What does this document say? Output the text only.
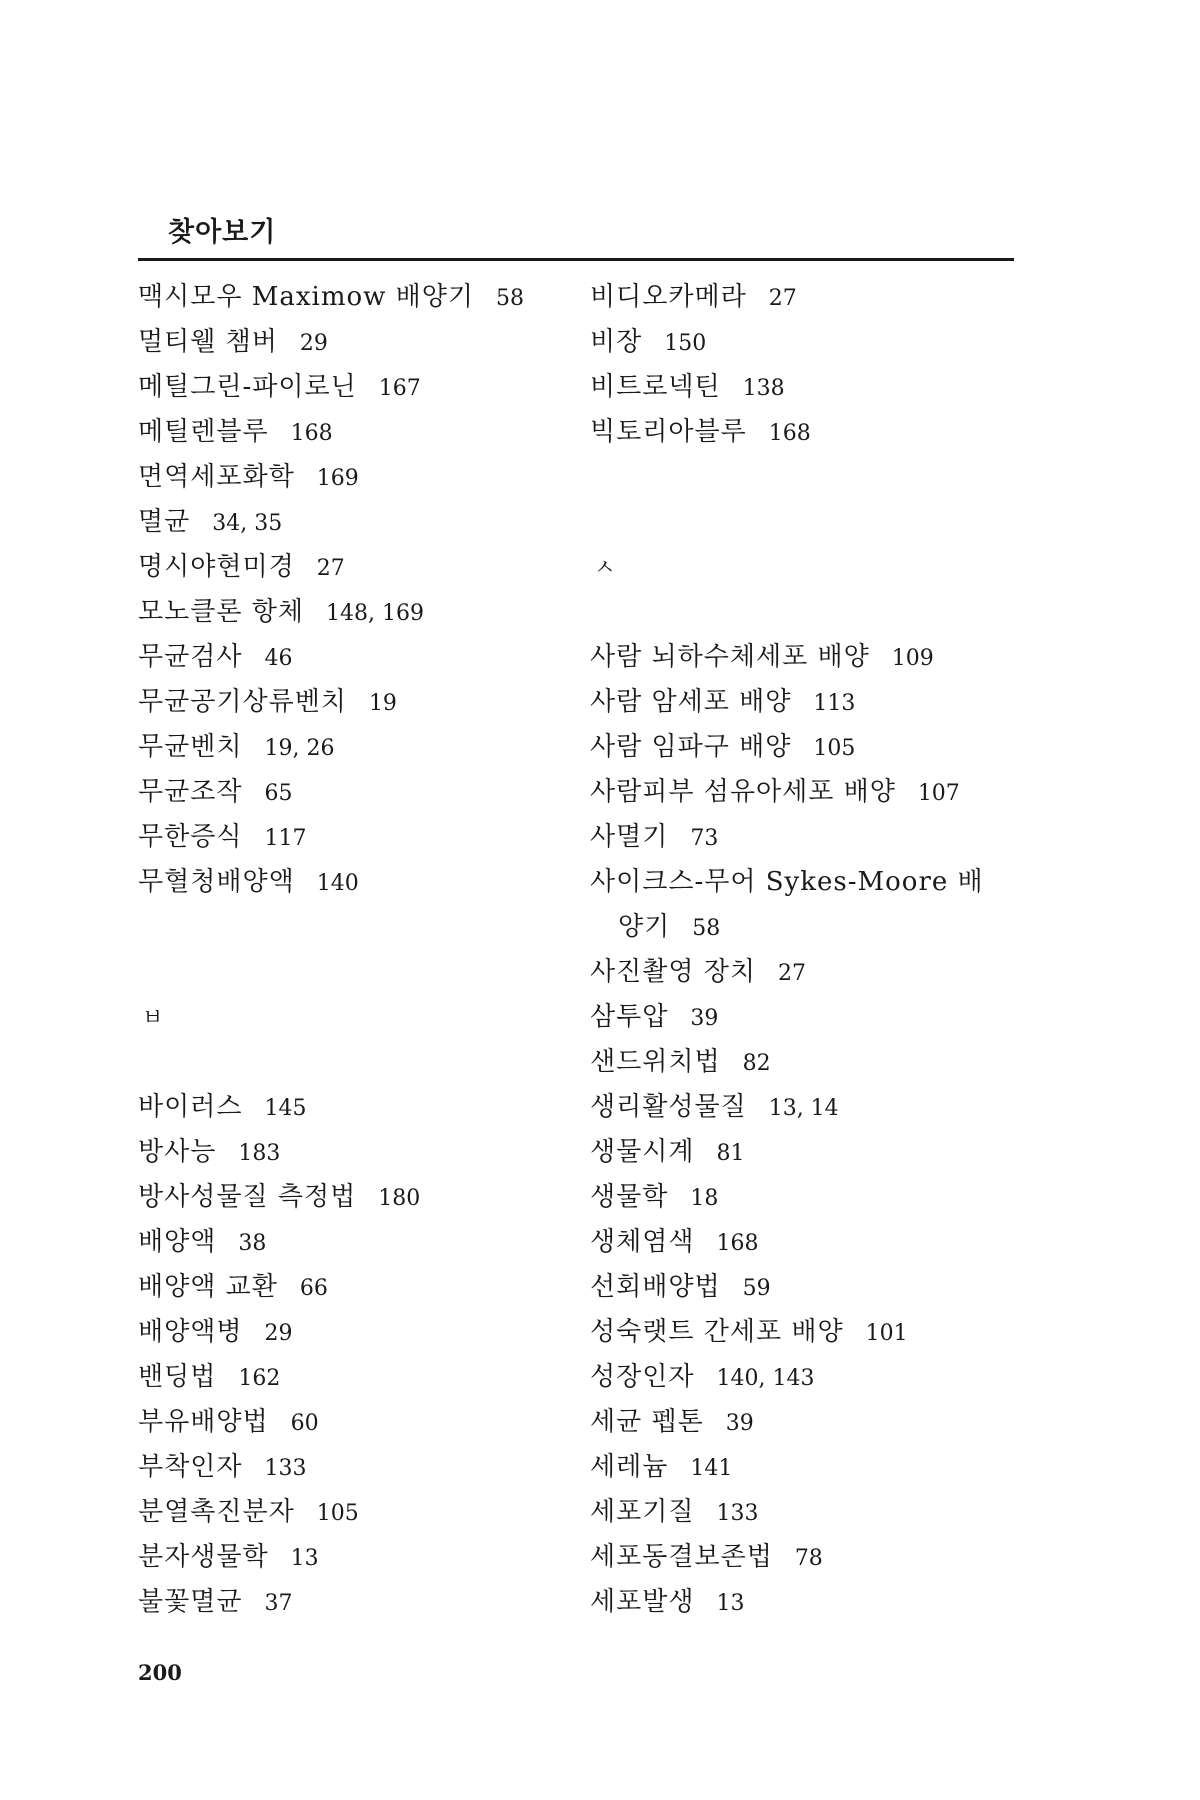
찾아보기
맥시모우 Maximow 배양기 58
멀티웰 챔버 29
메틸그린-파이로닌 167
메틸렌블루 168
면역세포화학 169
멸균 34, 35
명시야현미경 27
모노클론 항체 148, 169
무균검사 46
무균공기상류벤치 19
무균벤치 19, 26
무균조작 65
무한증식 117
무혈청배양액 140
ㅂ
바이러스 145
방사능 183
방사성물질 측정법 180
배양액 38
배양액 교환 66
배양액병 29
밴딩법 162
부유배양법 60
부착인자 133
분열촉진분자 105
분자생물학 13
불꽃멸균 37
비디오카메라 27
비장 150
비트로넥틴 138
빅토리아블루 168
ㅅ
사람 뇌하수체세포 배양 109
사람 암세포 배양 113
사람 임파구 배양 105
사람피부 섬유아세포 배양 107
사멸기 73
사이크스-무어 Sykes-Moore 배
양기 58
사진촬영 장치 27
삼투압 39
샌드위치법 82
생리활성물질 13, 14
생물시계 81
생물학 18
생체염색 168
선회배양법 59
성숙랫트 간세포 배양 101
성장인자 140, 143
세균 펩톤 39
세레늄 141
세포기질 133
세포동결보존법 78
세포발생 13
200
